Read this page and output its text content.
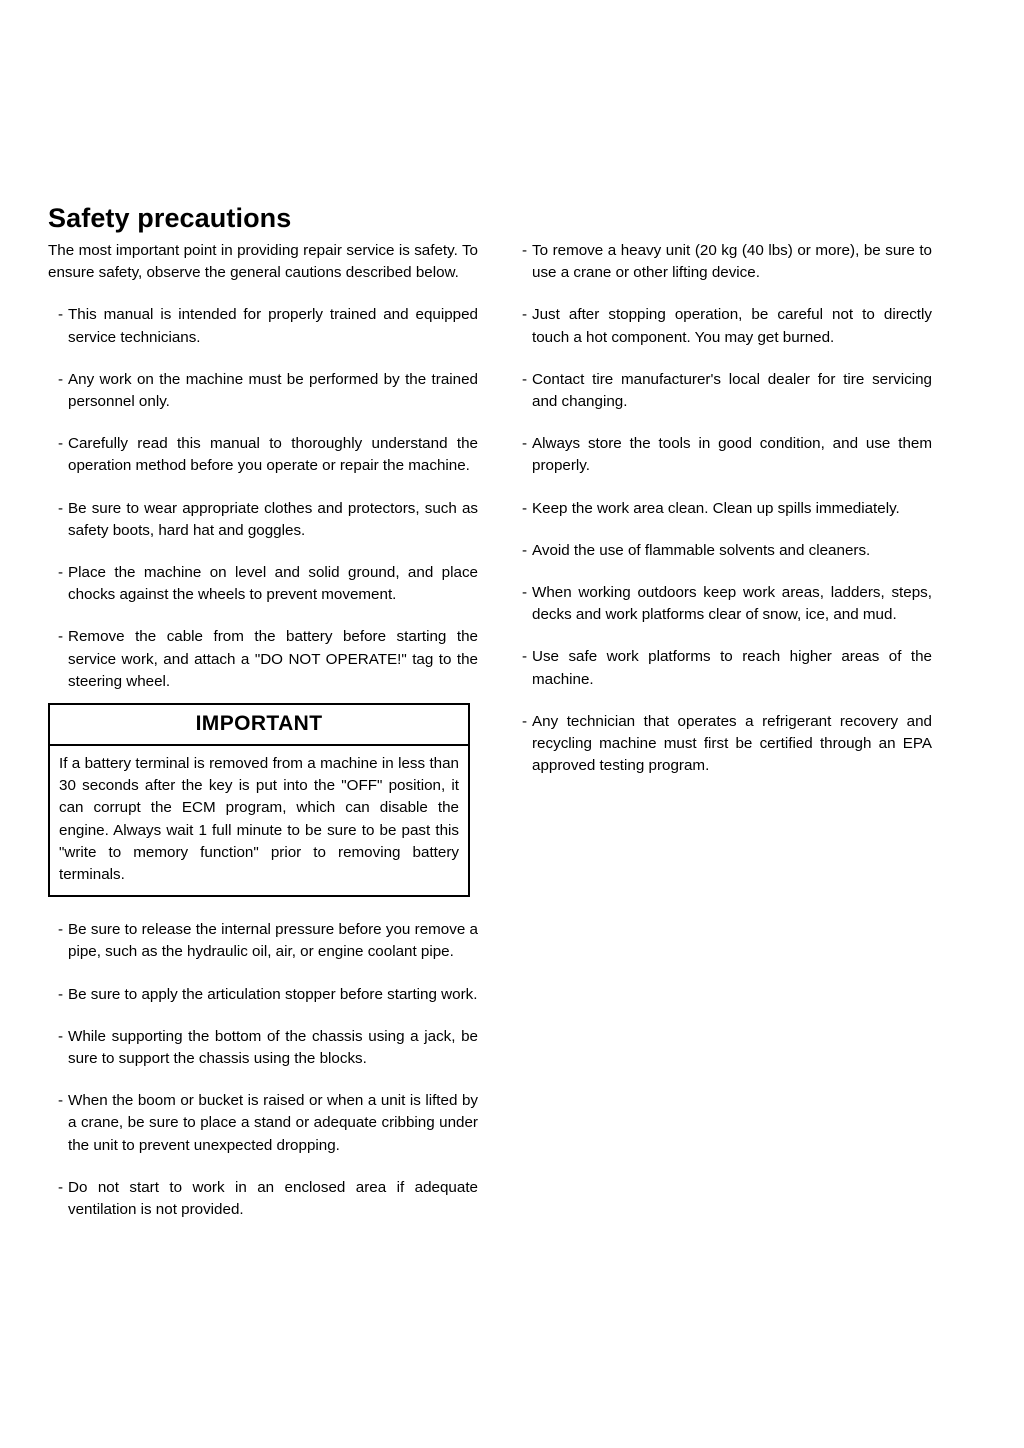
Safety precautions

The most important point in providing repair service is safety. To ensure safety, observe the general cautions described below.

- This manual is intended for properly trained and equipped service technicians.
- Any work on the machine must be performed by the trained personnel only.
- Carefully read this manual to thoroughly understand the operation method before you operate or repair the machine.
- Be sure to wear appropriate clothes and protectors, such as safety boots, hard hat and goggles.
- Place the machine on level and solid ground, and place chocks against the wheels to prevent movement.
- Remove the cable from the battery before starting the service work, and attach a "DO NOT OPERATE!" tag to the steering wheel.
IMPORTANT
If a battery terminal is removed from a machine in less than 30 seconds after the key is put into the "OFF" position, it can corrupt the ECM program, which can disable the engine. Always wait 1 full minute to be sure to be past this "write to memory function" prior to removing battery terminals.
- Be sure to release the internal pressure before you remove a pipe, such as the hydraulic oil, air, or engine coolant pipe.
- Be sure to apply the articulation stopper before starting work.
- While supporting the bottom of the chassis using a jack, be sure to support the chassis using the blocks.
- When the boom or bucket is raised or when a unit is lifted by a crane, be sure to place a stand or adequate cribbing under the unit to prevent unexpected dropping.
- Do not start to work in an enclosed area if adequate ventilation is not provided.
- To remove a heavy unit (20 kg (40 lbs) or more), be sure to use a crane or other lifting device.
- Just after stopping operation, be careful not to directly touch a hot component. You may get burned.
- Contact tire manufacturer's local dealer for tire servicing and changing.
- Always store the tools in good condition, and use them properly.
- Keep the work area clean. Clean up spills immediately.
- Avoid the use of flammable solvents and cleaners.
- When working outdoors keep work areas, ladders, steps, decks and work platforms clear of snow, ice, and mud.
- Use safe work platforms to reach higher areas of the machine.
- Any technician that operates a refrigerant recovery and recycling machine must first be certified through an EPA approved testing program.
